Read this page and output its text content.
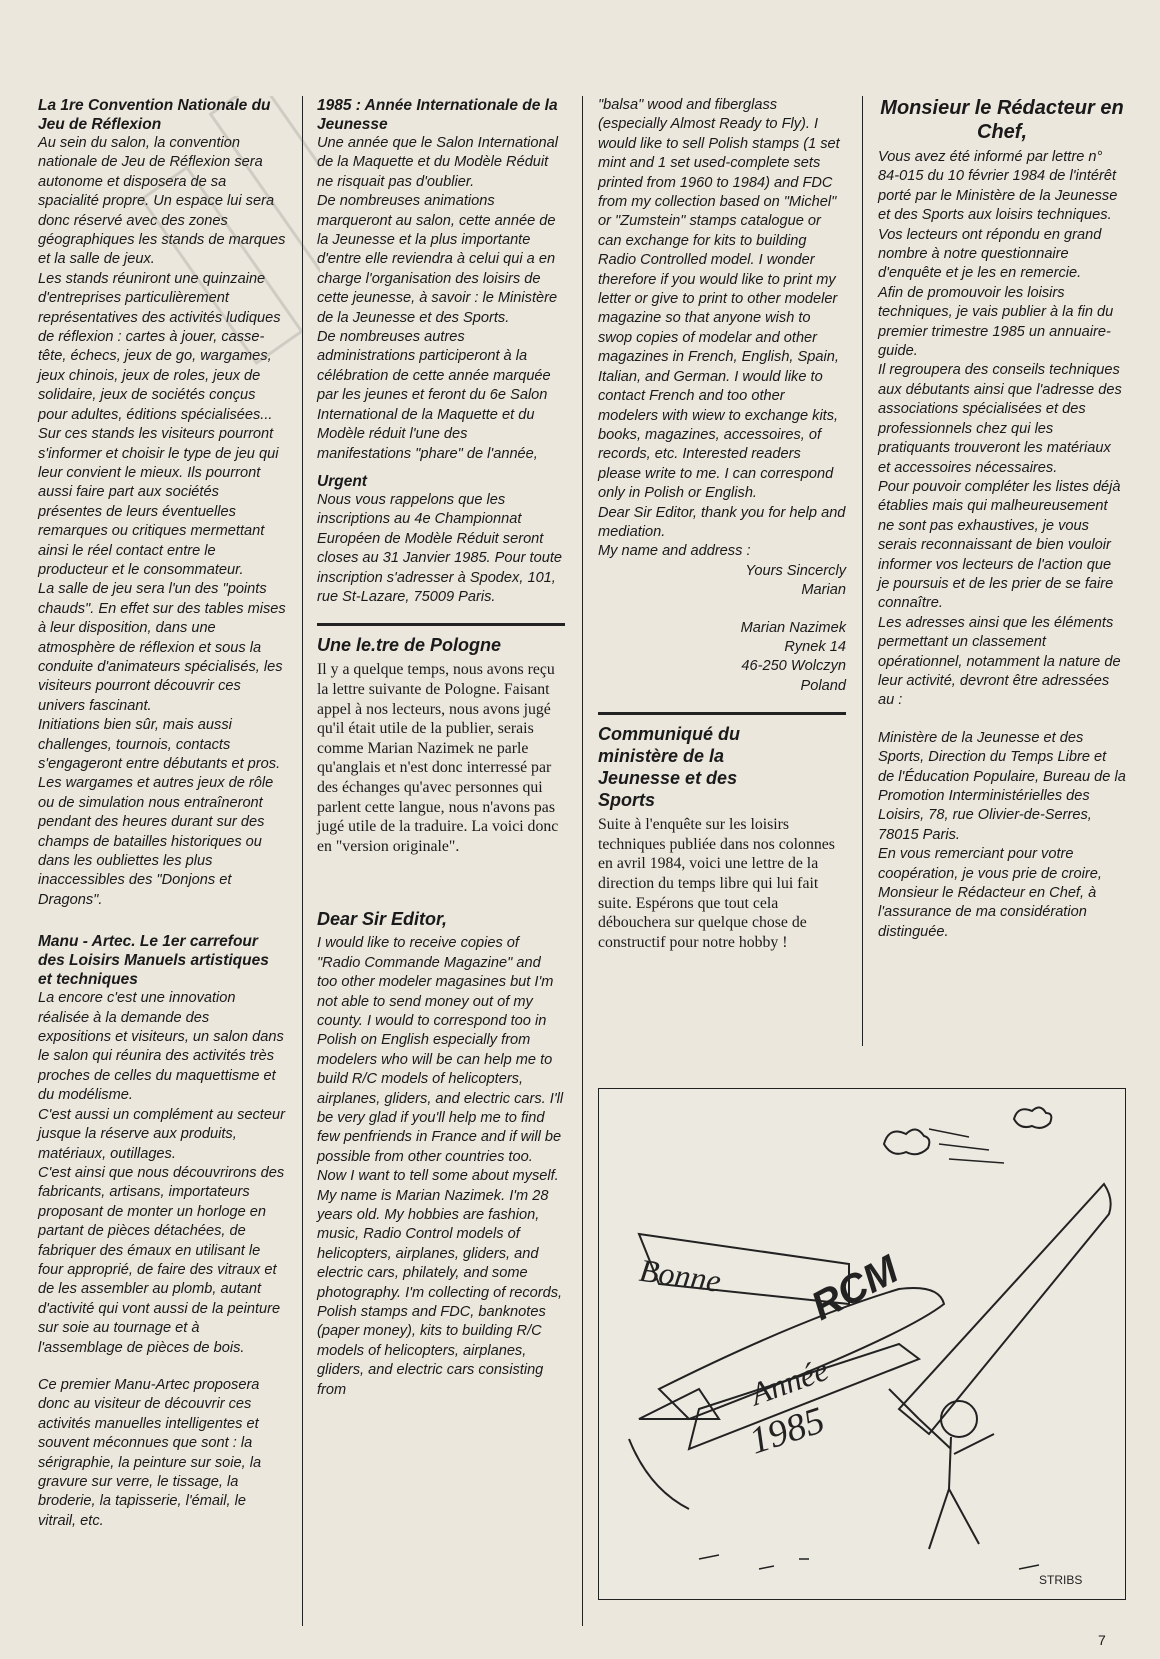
La 1re Convention Nationale du Jeu de Réflexion

Au sein du salon, la convention nationale de Jeu de Réflexion sera autonome et disposera de sa spacialité propre. Un espace lui sera donc réservé avec des zones géographiques les stands de marques et la salle de jeux.

Les stands réuniront une quinzaine d'entreprises particulièrement représentatives des activités ludiques de réflexion : cartes à jouer, casse-tête, échecs, jeux de go, wargames, jeux chinois, jeux de roles, jeux de solidaire, jeux de sociétés conçus pour adultes, éditions spécialisées...

Sur ces stands les visiteurs pourront s'informer et choisir le type de jeu qui leur convient le mieux. Ils pourront aussi faire part aux sociétés présentes de leurs éventuelles remarques ou critiques mermettant ainsi le réel contact entre le producteur et le consommateur.

La salle de jeu sera l'un des "points chauds". En effet sur des tables mises à leur disposition, dans une atmosphère de réflexion et sous la conduite d'animateurs spécialisés, les visiteurs pourront découvrir ces univers fascinant.

Initiations bien sûr, mais aussi challenges, tournois, contacts s'engageront entre débutants et pros.

Les wargames et autres jeux de rôle ou de simulation nous entraîneront pendant des heures durant sur des champs de batailles historiques ou dans les oubliettes les plus inaccessibles des "Donjons et Dragons".

Manu - Artec. Le 1er carrefour des Loisirs Manuels artistiques et techniques

La encore c'est une innovation réalisée à la demande des expositions et visiteurs, un salon dans le salon qui réunira des activités très proches de celles du maquettisme et du modélisme.

C'est aussi un complément au secteur jusque la réserve aux produits, matériaux, outillages.

C'est ainsi que nous découvrirons des fabricants, artisans, importateurs proposant de monter un horloge en partant de pièces détachées, de fabriquer des émaux en utilisant le four approprié, de faire des vitraux et de les assembler au plomb, autant d'activité qui vont aussi de la peinture sur soie au tournage et à l'assemblage de pièces de bois.

Ce premier Manu-Artec proposera donc au visiteur de découvrir ces activités manuelles intelligentes et souvent méconnues que sont : la sérigraphie, la peinture sur soie, la gravure sur verre, le tissage, la broderie, la tapisserie, l'émail, le vitrail, etc.

1985 : Année Internationale de la Jeunesse

Une année que le Salon International de la Maquette et du Modèle Réduit ne risquait pas d'oublier.

De nombreuses animations marqueront au salon, cette année de la Jeunesse et la plus importante d'entre elle reviendra à celui qui a en charge l'organisation des loisirs de cette jeunesse, à savoir : le Ministère de la Jeunesse et des Sports.

De nombreuses autres administrations participeront à la célébration de cette année marquée par les jeunes et feront du 6e Salon International de la Maquette et du Modèle réduit l'une des manifestations "phare" de l'année,

Urgent

Nous vous rappelons que les inscriptions au 4e Championnat Européen de Modèle Réduit seront closes au 31 Janvier 1985. Pour toute inscription s'adresser à Spodex, 101, rue St-Lazare, 75009 Paris.

Une le.tre de Pologne

Il y a quelque temps, nous avons reçu la lettre suivante de Pologne. Faisant appel à nos lecteurs, nous avons jugé qu'il était utile de la publier, serais comme Marian Nazimek ne parle qu'anglais et n'est donc interressé par des échanges qu'avec personnes qui parlent cette langue, nous n'avons pas jugé utile de la traduire. La voici donc en "version originale".

Dear Sir Editor,

I would like to receive copies of "Radio Commande Magazine" and too other modeler magasines but I'm not able to send money out of my county. I would to correspond too in Polish on English especially from modelers who will be can help me to build R/C models of helicopters, airplanes, gliders, and electric cars. I'll be very glad if you'll help me to find few penfriends in France and if will be possible from other countries too.

Now I want to tell some about myself. My name is Marian Nazimek. I'm 28 years old. My hobbies are fashion, music, Radio Control models of helicopters, airplanes, gliders, and electric cars, philately, and some photography. I'm collecting of records, Polish stamps and FDC, banknotes (paper money), kits to building R/C models of helicopters, airplanes, gliders, and electric cars consisting from

"balsa" wood and fiberglass (especially Almost Ready to Fly). I would like to sell Polish stamps (1 set mint and 1 set used-complete sets printed from 1960 to 1984) and FDC from my collection based on "Michel" or "Zumstein" stamps catalogue or can exchange for kits to building Radio Controlled model. I wonder therefore if you would like to print my letter or give to print to other modeler magazine so that anyone wish to swop copies of modelar and other magazines in French, English, Spain, Italian, and German. I would like to contact French and too other modelers with wiew to exchange kits, books, magazines, accessoires, of records, etc. Interested readers please write to me. I can correspond only in Polish or English.

Dear Sir Editor, thank you for help and mediation.

My name and address :

Yours Sincercly

Marian

Marian Nazimek

Rynek 14

46-250 Wolczyn

Poland

Communiqué du ministère de la Jeunesse et des Sports

Suite à l'enquête sur les loisirs techniques publiée dans nos colonnes en avril 1984, voici une lettre de la direction du temps libre qui lui fait suite. Espérons que tout cela débouchera sur quelque chose de constructif pour notre hobby !

Monsieur le Rédacteur en Chef,

Vous avez été informé par lettre n° 84-015 du 10 février 1984 de l'intérêt porté par le Ministère de la Jeunesse et des Sports aux loisirs techniques.

Vos lecteurs ont répondu en grand nombre à notre questionnaire d'enquête et je les en remercie.

Afin de promouvoir les loisirs techniques, je vais publier à la fin du premier trimestre 1985 un annuaire-guide.

Il regroupera des conseils techniques aux débutants ainsi que l'adresse des associations spécialisées et des professionnels chez qui les pratiquants trouveront les matériaux et accessoires nécessaires.

Pour pouvoir compléter les listes déjà établies mais qui malheureusement ne sont pas exhaustives, je vous serais reconnaissant de bien vouloir informer vos lecteurs de l'action que je poursuis et de les prier de se faire connaître.

Les adresses ainsi que les éléments permettant un classement opérationnel, notamment la nature de leur activité, devront être adressées au :

Ministère de la Jeunesse et des Sports, Direction du Temps Libre et de l'Éducation Populaire, Bureau de la Promotion Interministérielles des Loisirs, 78, rue Olivier-de-Serres, 78015 Paris.

En vous remerciant pour votre coopération, je vous prie de croire, Monsieur le Rédacteur en Chef, à l'assurance de ma considération distinguée.

RCM
Bonne
Année
1985
STRIBS
7
